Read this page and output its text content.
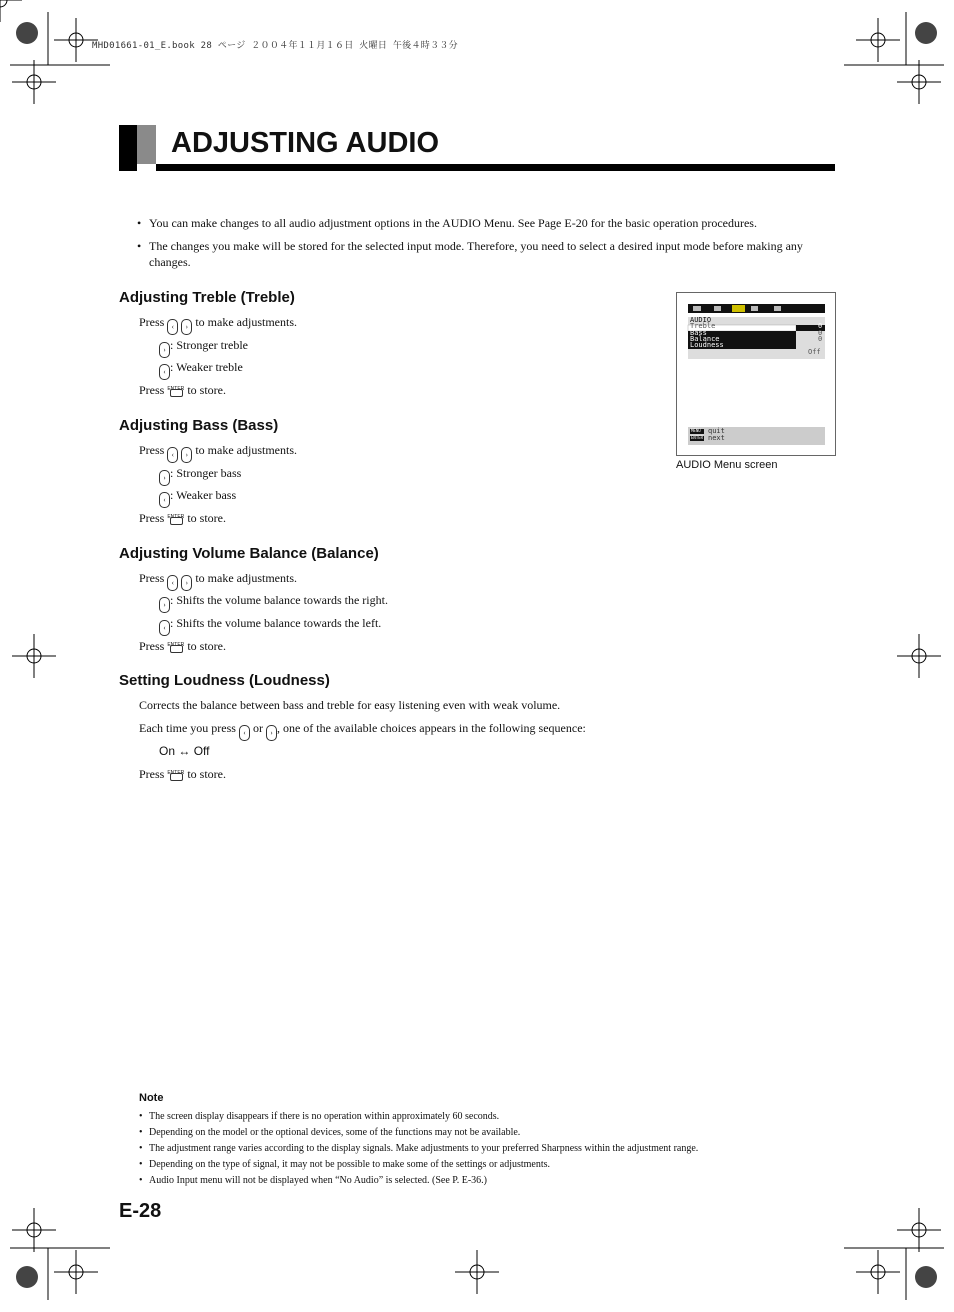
MHD01661-01_E.book 28 ページ ２００４年１１月１６日 火曜日 午後４時３３分
ADJUSTING AUDIO
• You can make changes to all audio adjustment options in the AUDIO Menu. See Page E-20 for the basic operation procedures.
• The changes you make will be stored for the selected input mode. Therefore, you need to select a desired input mode before making any changes.
Adjusting Treble (Treble)
Press ‹ › to make adjustments.
› : Stronger treble
‹ : Weaker treble
Press ENTER to store.
Adjusting Bass (Bass)
Press ‹ › to make adjustments.
› : Stronger bass
‹ : Weaker bass
Press ENTER to store.
Adjusting Volume Balance (Balance)
Press ‹ › to make adjustments.
› : Shifts the volume balance towards the right.
‹ : Shifts the volume balance towards the left.
Press ENTER to store.
Setting Loudness (Loudness)
Corrects the balance between bass and treble for easy listening even with weak volume.
Each time you press ‹ or › , one of the available choices appears in the following sequence:
On ↔ Off
Press ENTER to store.
AUDIO
Treble
Bass
Balance
Loudness
0
0
0
Off
MENU
ENTER
quit
next
AUDIO Menu screen
Note
• The screen display disappears if there is no operation within approximately 60 seconds.
• Depending on the model or the optional devices, some of the functions may not be available.
• The adjustment range varies according to the display signals. Make adjustments to your preferred Sharpness within the adjustment range.
• Depending on the type of signal, it may not be possible to make some of the settings or adjustments.
• Audio Input menu will not be displayed when “No Audio” is selected. (See P. E-36.)
E-28
